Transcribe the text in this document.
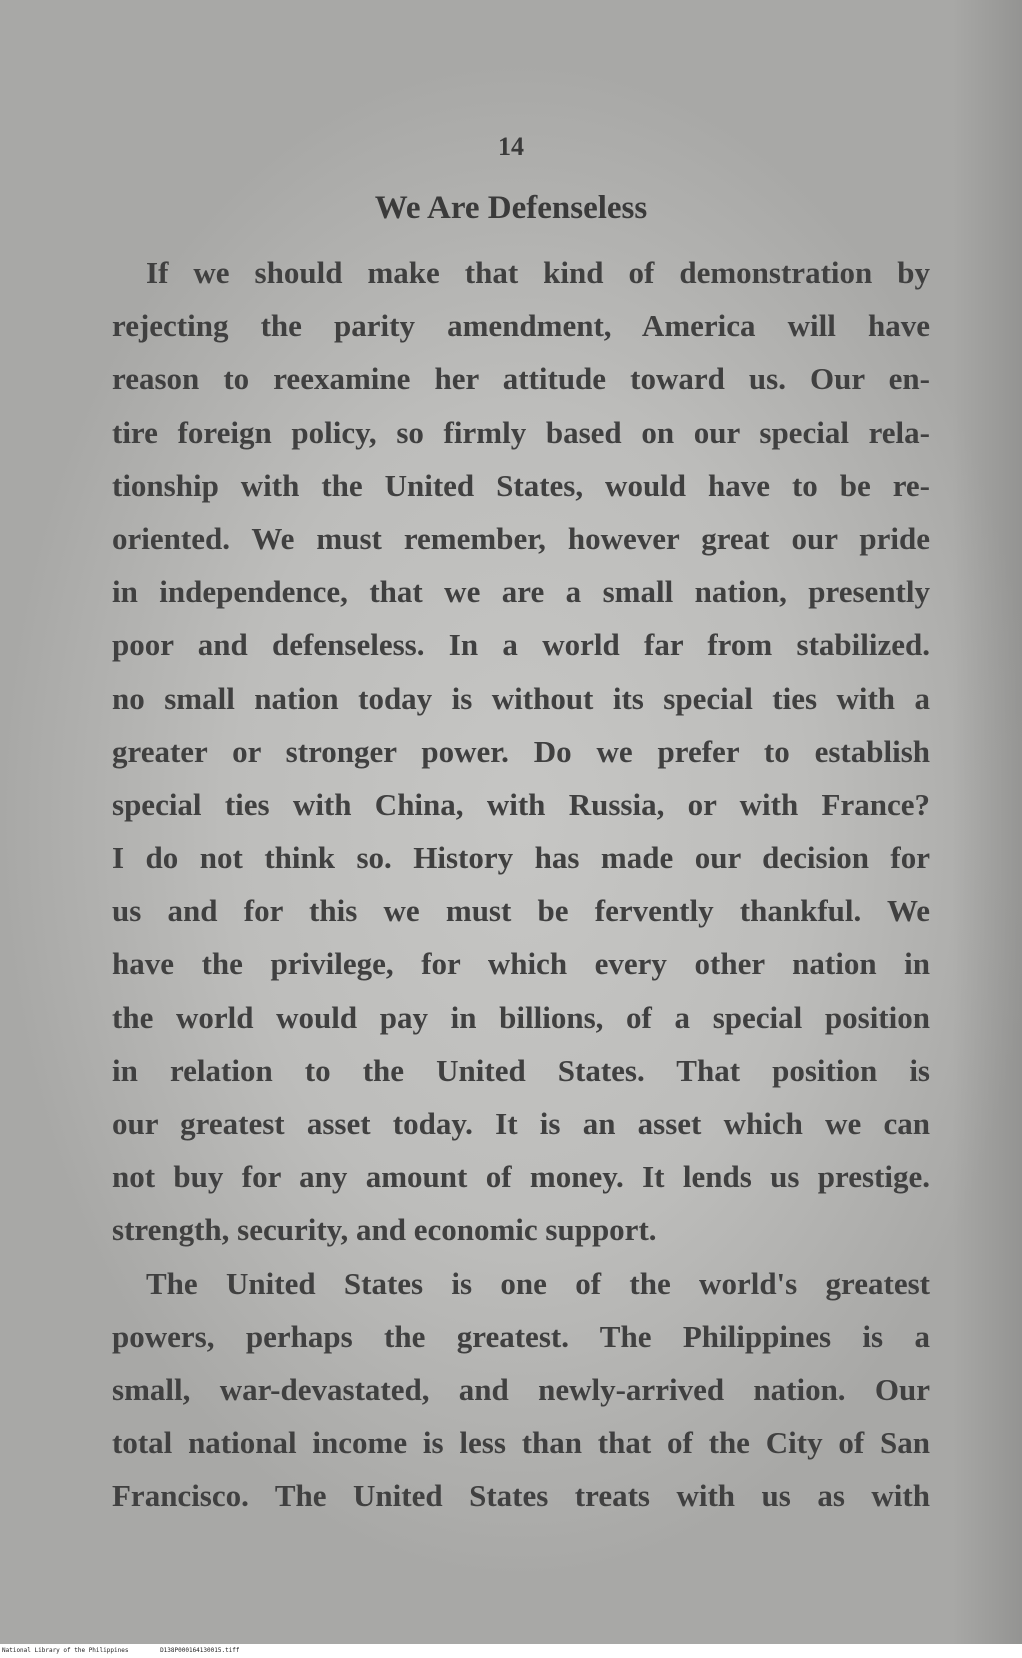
14
We Are Defenseless
If we should make that kind of demonstration by
rejecting the parity amendment, America will have
reason to reexamine her attitude toward us. Our en-
tire foreign policy, so firmly based on our special rela-
tionship with the United States, would have to be re-
oriented. We must remember, however great our pride
in independence, that we are a small nation, presently
poor and defenseless. In a world far from stabilized.
no small nation today is without its special ties with a
greater or stronger power. Do we prefer to establish
special ties with China, with Russia, or with France?
I do not think so. History has made our decision for
us and for this we must be fervently thankful. We
have the privilege, for which every other nation in
the world would pay in billions, of a special position
in relation to the United States. That position is
our greatest asset today. It is an asset which we can
not buy for any amount of money. It lends us prestige.
strength, security, and economic support.
The United States is one of the world's greatest
powers, perhaps the greatest. The Philippines is a
small, war-devastated, and newly-arrived nation. Our
total national income is less than that of the City of San
Francisco. The United States treats with us as with
National Library of the Philippines	D138P000164130015.tiff
